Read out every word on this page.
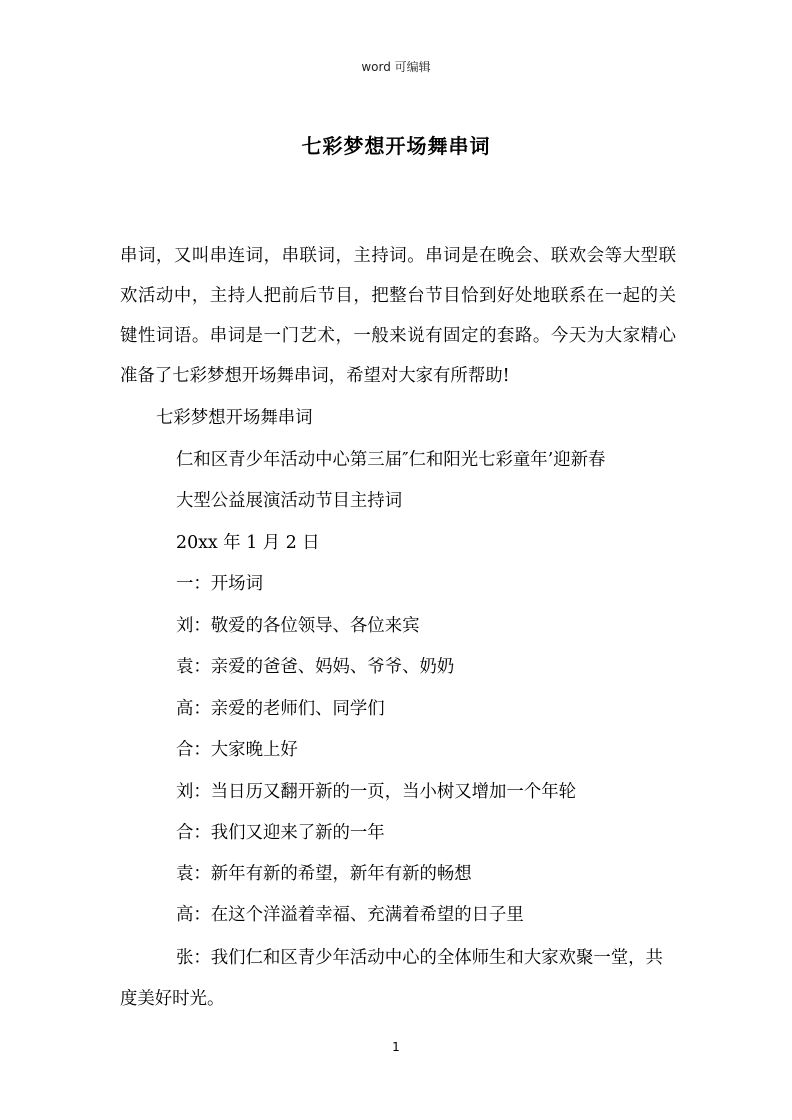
word 可编辑
七彩梦想开场舞串词

串词，又叫串连词，串联词，主持词。串词是在晚会、联欢会等大型联欢活动中，主持人把前后节目，把整台节目恰到好处地联系在一起的关键性词语。串词是一门艺术，一般来说有固定的套路。今天为大家精心准备了七彩梦想开场舞串词，希望对大家有所帮助!

七彩梦想开场舞串词
仁和区青少年活动中心第三届″仁和阳光七彩童年’迎新春
大型公益展演活动节目主持词
20xx 年 1 月 2 日
一：开场词
刘：敬爱的各位领导、各位来宾
袁：亲爱的爸爸、妈妈、爷爷、奶奶
高：亲爱的老师们、同学们
合：大家晚上好
刘：当日历又翻开新的一页，当小树又增加一个年轮
合：我们又迎来了新的一年
袁：新年有新的希望，新年有新的畅想
高：在这个洋溢着幸福、充满着希望的日子里

张：我们仁和区青少年活动中心的全体师生和大家欢聚一堂，共度美好时光。

1
